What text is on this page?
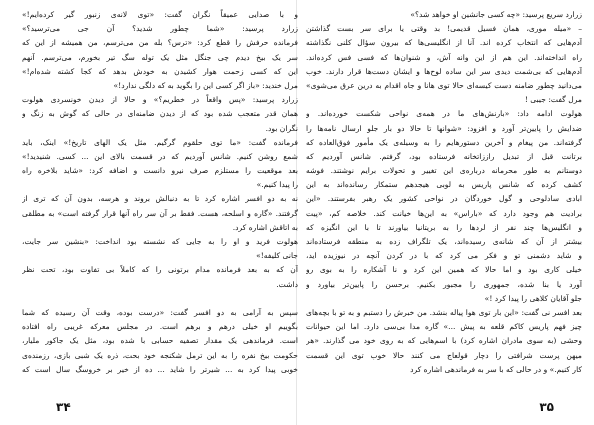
و با صدایی عمیقاً نگران گفت: «توی لانه‌ی زنبور گیر کرده‌ایم!»
زرارد پرسید: «شما چطور شدید؟ آن جی می‌ترسید؟»
فرمانده حرفش را قطع کرد: «ترس؟ بله من می‌ترسم، من همیشه از این که
سر یک بیخ دیدم چی جنگل مثل یک توله سگ تیر بخورم، می‌ترسم. آنهم
این که کسی زحمت هوار کشیدن به خودش بدهد که کجا کشته شده‌ام!»
مرل خندید: «باز اگر کسی این را بگوید به که دلگی ندارد!»
زرارد پرسید: «پس واقعاً در خطریم؟» و حالا از دیدن خونسردی هولوت
همان قدر متعجب شده بود که از دیدن ضامنه‌ای در حالی که گوش به زنگ و
نگران بود.
فرمانده گفت: «ما توی حلقوم گرگیم. مثل یک الهای تاریخ!» اینک، باید
شمع روشن کنیم. شانس آوردیم که در قسمت بالای این ... کسی. شنیدید!»
بعد موقعیت را مستلزم صرف نیرو دانست و اضافه کرد: «شاید بلاخره راه
را پیدا کنیم.»
نه به دو افسر اشاره کرد تا به دنبالش بروند و هرسه، بدون آن که تری از
گرفتند. «گاره و اسلحه، هست. فقط بر آن سر راه آنها قرار گرفته است» به مطلقی
به اتاقش اشاره کرد.
هولوت فرید و او را به جایی که نشسته بود انداخت: «بنشین سر جایت،
جانی کلیفه!»
آن که به بعد فرمانده مدام برتونی را که کاملاً بی تفاوت بود، تحت نظر
داشت.
سپس به آرامی به دو افسر گفت: «درست بوده، وقت آن رسیده که شما
بگوییم او خیلی درهم و برهم است. در مجلس معرکه غریبی راه افتاده
است. فرماندهی یک مقدار تصفیه حسابی با شده بود، مثل یک جاکور ملیار،
حکومت بیخ نفره را به این ترمل شکنجه خود بحت، ذره یک شبی بازی، رزمنده‌ی
خوبی پیدا کرد به ... شیرتر را شاید ... ده از خیر بر خروسگ سال است که
۳۴
زرارد سریع پرسید: «چه کسی جانشین او خواهد شد؟»
– «میله موری، همان فسیل قدیمی! بد وقتی یا برای سر بست گذاشتن
آدم‌هایی که انتخاب کرده اند. آنا از انگلیسی‌ها که بیرون سؤال کلنی نگذاشته
راه انداخته‌اند. این هم از این وانه آش، و شنوان‌ها که فسی فس کرده‌اند.
آدم‌هایی که بی‌شمت دیدی سر این ساده لوح‌ها و ایشان دست‌ها قرار دارند. خوب
می‌دانید چطور ضامنه دست کیسه‌ای حالا توی هانا و جاه اقدام‌ به درین عرق‌ می‌شوی»
مرل گفت: جیبی !
هولوت ادامه داد: «بارنش‌های ما در همه‌ی نواحی شکست خورده‌اند. و
ضدایش را پایین‌تر آورد و افزود: «شوانها تا حالا دو بار جلو ارسال نامه‌ها را
گرفته‌اند. من پیغام و آخرین دستورهایم را به وسیله‌ی یک مأمور فوق‌العاده که
برتانت قبل از تبدیل‌ راززاتخانه فرستاده بود، گرفتم. شانس آوردیم که
دوستانم به طور محرمانه درباره‌ی این تغییر و تحولات برایم نوشتند. فوشه
کشف کرده که شانس پاریس به لوبی هیجدهم ستمکار رسانده‌اند به این
ابادی سادلوحی و گول خوردگان در نواحی کشور یک رهبر بفرستند. «این
برادیت هم وجود دارد که «باراس» به این‌ها خیانت کند. خلاصه کم، «پیت
و انگلیس‌ها چند نفر از لردها را به بریتانیا بیاورند تا با این انگیزه که
بیشتر از آن که شانه‌ی رسیده‌اند، یک تلگراف زده به منطقه فرستاده‌اند
و شاید دشمنی تو و فکر می‌ کرد که با در کردن آنچه در نیوزیده‌ اید،
خیلی کاری بود و اما حالا که همین این کرد و نا آشکاره را به بوی رو
آورد یا بنا شده، جمهوری را مجبور بکنیم. برحسن را پایین‌تر بیاورد و
جلو آقایان کلاهی را پیدا کرد !»
بعد افسر نی گفت: «این بار توی هوا پیاله بنشد. من خبرش را دستبم و به تو با بچه‌های
چیز فهم پاریس کاکم قلعه به پیش ...» گاره مدا بی‌سی دارد. اما این حیوانات
وحشی (به سوی مادران اشاره کرد) با اسم‌هایی که به روی خود می گذارند. «هر
میهن پرست شرافتی را دچار قولعاج می کنند حالا خوب توی این قسمت
کار کنیم.» و در حالی که با سر به فرماندهی اشاره کرد
۳۵
